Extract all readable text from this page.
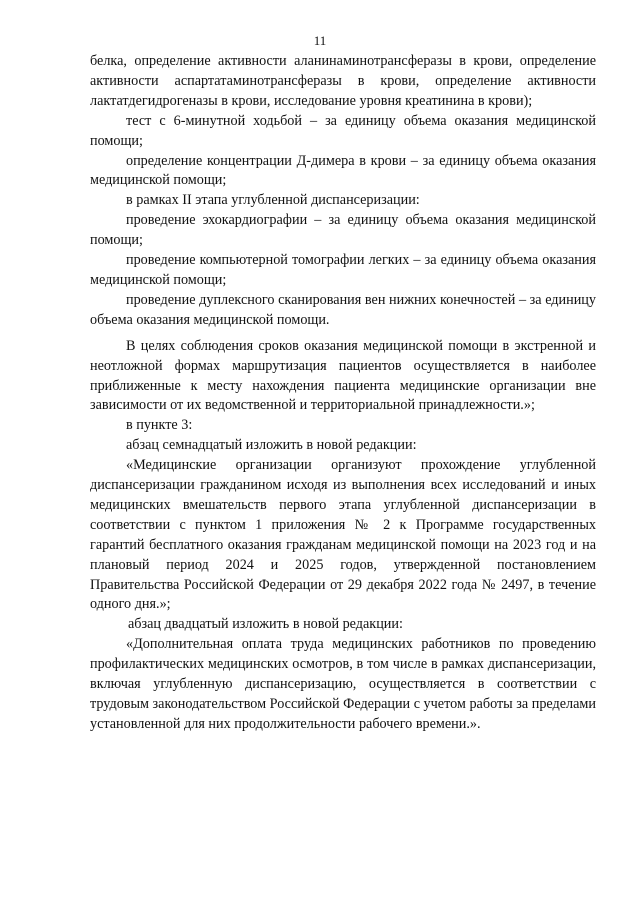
11

белка, определение активности аланинаминотрансферазы в крови, определение активности аспартатаминотрансферазы в крови, определение активности лактатдегидрогеназы в крови, исследование уровня креатинина в крови);

тест с 6-минутной ходьбой – за единицу объема оказания медицинской помощи;

определение концентрации Д-димера в крови – за единицу объема оказания медицинской помощи;

в рамках II этапа углубленной диспансеризации:

проведение эхокардиографии – за единицу объема оказания медицинской помощи;

проведение компьютерной томографии легких – за единицу объема оказания медицинской помощи;

проведение дуплексного сканирования вен нижних конечностей – за единицу объема оказания медицинской помощи.

В целях соблюдения сроков оказания медицинской помощи в экстренной и неотложной формах маршрутизация пациентов осуществляется в наиболее приближенные к месту нахождения пациента медицинские организации вне зависимости от их ведомственной и территориальной принадлежности.»;

в пункте 3:

абзац семнадцатый изложить в новой редакции:

«Медицинские организации организуют прохождение углубленной диспансеризации гражданином исходя из выполнения всех исследований и иных медицинских вмешательств первого этапа углубленной диспансеризации в соответствии с пунктом 1 приложения № 2 к Программе государственных гарантий бесплатного оказания гражданам медицинской помощи на 2023 год и на плановый период 2024 и 2025 годов, утвержденной постановлением Правительства Российской Федерации от 29 декабря 2022 года № 2497, в течение одного дня.»;

абзац двадцатый изложить в новой редакции:

«Дополнительная оплата труда медицинских работников по проведению профилактических медицинских осмотров, в том числе в рамках диспансеризации, включая углубленную диспансеризацию, осуществляется в соответствии с трудовым законодательством Российской Федерации с учетом работы за пределами установленной для них продолжительности рабочего времени.».
